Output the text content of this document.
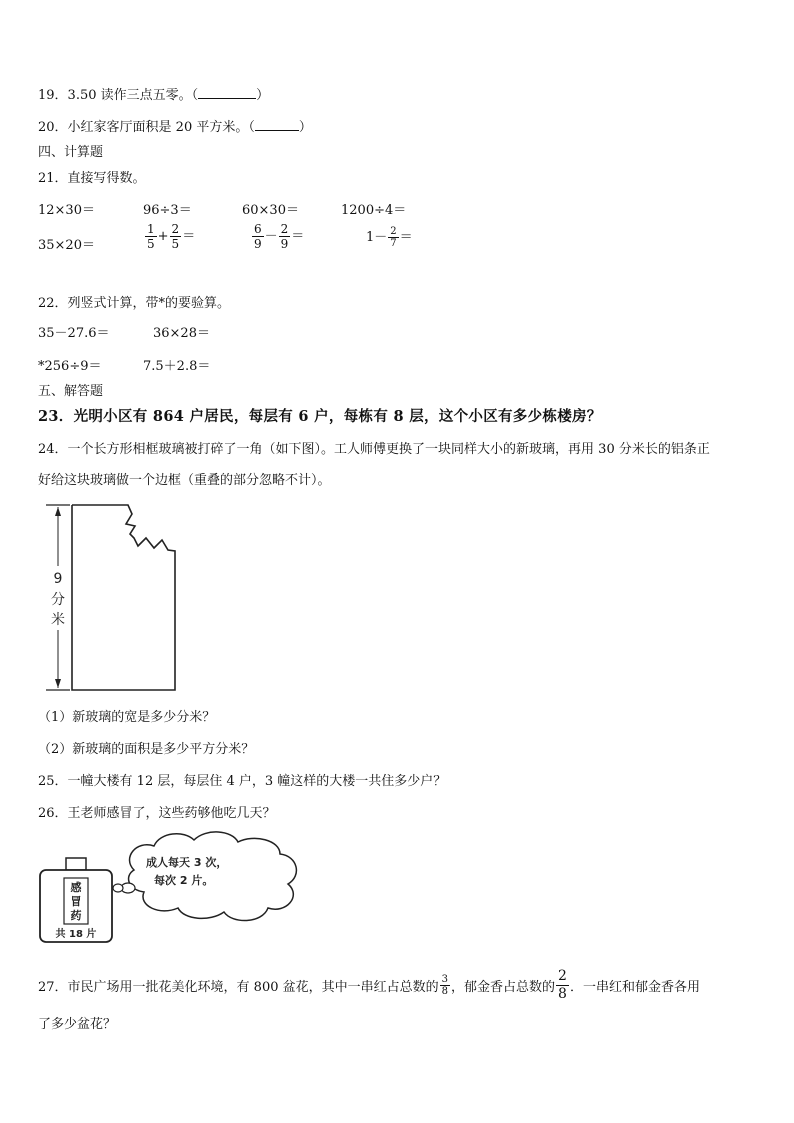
19．3.50 读作三点五零。（	）
20．小红家客厅面积是 20 平方米。（	）
四、计算题
21．直接写得数。
12×30＝	96÷3＝	60×30＝	1200÷4＝
35×20＝	$\frac{1}{5} + \frac{2}{5}$ ＝	$\frac{6}{9} - \frac{2}{9}$ ＝	$1- \frac{2}{7}$ ＝
22．列竖式计算，带*的要验算。
35－27.6＝	36×28＝
*256÷9＝	7.5＋2.8＝
五、解答题
23．光明小区有 864 户居民，每层有 6 户，每栋有 8 层，这个小区有多少栋楼房？
24．一个长方形相框玻璃被打碎了一角（如下图）。工人师傅更换了一块同样大小的新玻璃，再用 30 分米长的铝条正
好给这块玻璃做一个边框（重叠的部分忽略不计）。
9
分
米
（1）新玻璃的宽是多少分米？
（2）新玻璃的面积是多少平方分米？
25．一幢大楼有 12 层，每层住 4 户，3 幢这样的大楼一共住多少户？
26．王老师感冒了，这些药够他吃几天？
成人每天 3 次，
每次 2 片。
感
冒
药
共 18 片
27．市民广场用一批花美化环境，有 800 盆花，其中一串红占总数的 $\frac{3}{8}$ ，郁金香占总数的 $\frac{2}{8}$ ．一串红和郁金香各用
了多少盆花？
